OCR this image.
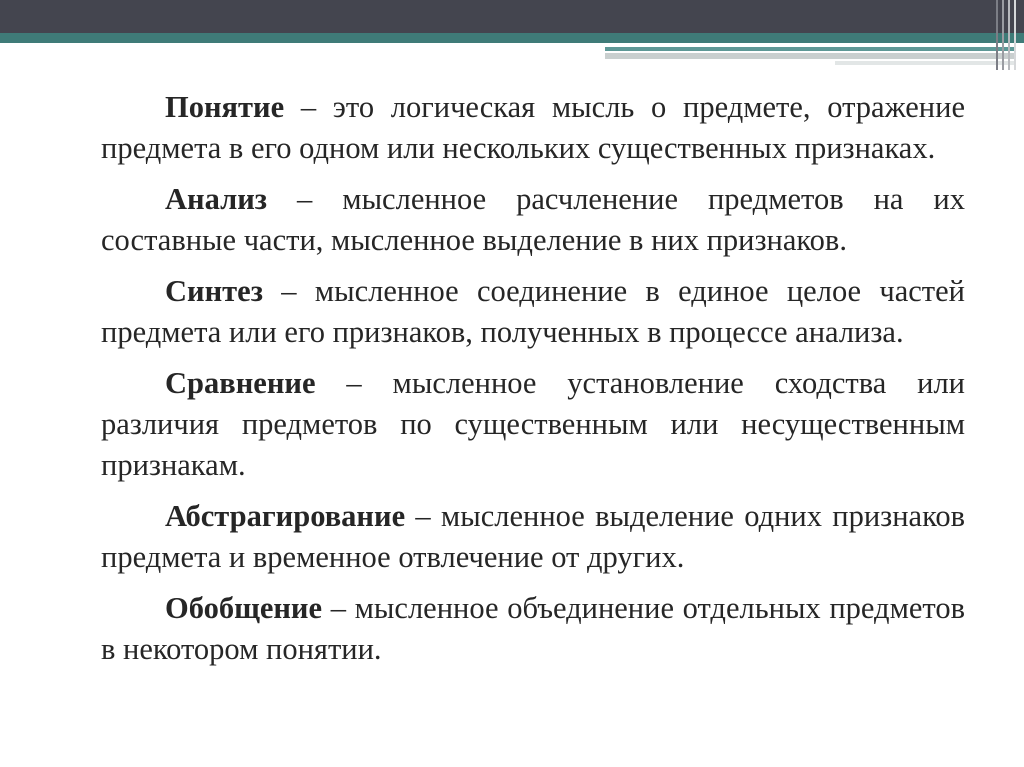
Понятие – это логическая мысль о предмете, отражение предмета в его одном или нескольких существенных признаках.

Анализ – мысленное расчленение предметов на их составные части, мысленное выделение в них признаков.

Синтез – мысленное соединение в единое целое частей предмета или его признаков, полученных в процессе анализа.

Сравнение – мысленное установление сходства или различия предметов по существенным или несущественным признакам.

Абстрагирование – мысленное выделение одних признаков предмета и временное отвлечение от других.

Обобщение – мысленное объединение отдельных предметов в некотором понятии.
